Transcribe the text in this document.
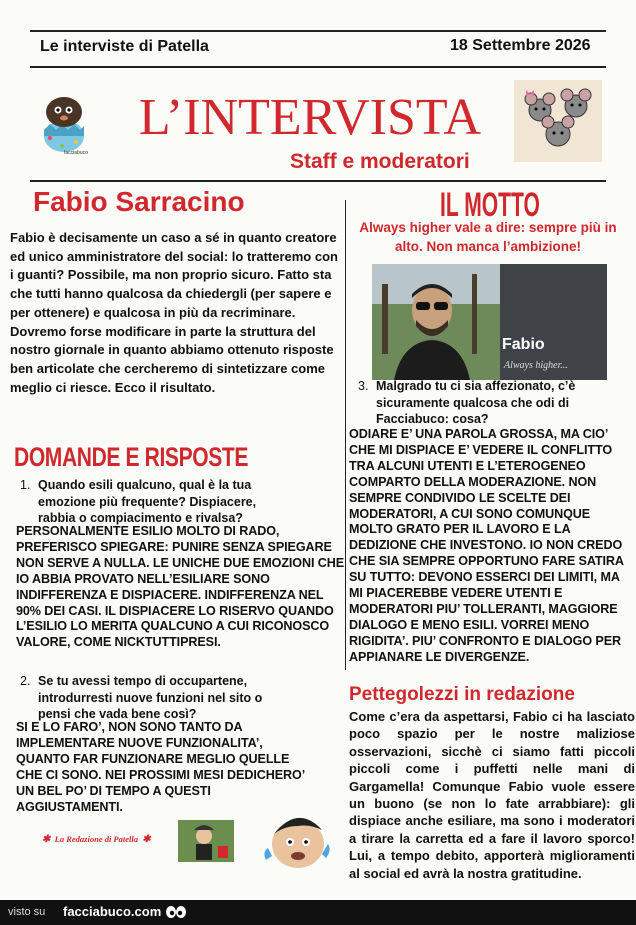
Le interviste di Patella	18 Settembre 2026
facciabuco
L’INTERVISTA
Staff e moderatori
Fabio Sarracino
Fabio è decisamente un caso a sé in quanto creatore ed unico amministratore del social: lo tratteremo con i guanti? Possibile, ma non proprio sicuro. Fatto sta che tutti hanno qualcosa da chiedergli (per sapere e per ottenere) e qualcosa in più da recriminare. Dovremo forse modificare in parte la struttura del nostro giornale in quanto abbiamo ottenuto risposte ben articolate che cercheremo di sintetizzare come meglio ci riesce. Ecco il risultato.
DOMANDE E RISPOSTE
1. Quando esili qualcuno, qual è la tua emozione più frequente? Dispiacere, rabbia o compiacimento e rivalsa?
PERSONALMENTE ESILIO MOLTO DI RADO, PREFERISCO SPIEGARE: PUNIRE SENZA SPIEGARE NON SERVE A NULLA. LE UNICHE DUE EMOZIONI CHE IO ABBIA PROVATO NELL’ESILIARE SONO INDIFFERENZA E DISPIACERE. INDIFFERENZA NEL 90% DEI CASI. IL DISPIACERE LO RISERVO QUANDO L’ESILIO LO MERITA QUALCUNO A CUI RICONOSCO VALORE, COME NICKTUTTIPRESI.
2. Se tu avessi tempo di occupartene, introdurresti nuove funzioni nel sito o pensi che vada bene così?
SI E LO FARO’, NON SONO TANTO DA IMPLEMENTARE NUOVE FUNZIONALITA’, QUANTO FAR FUNZIONARE MEGLIO QUELLE CHE CI SONO. NEI PROSSIMI MESI DEDICHERO’ UN BEL PO’ DI TEMPO A QUESTI AGGIUSTAMENTI.
✱ La Redazione di Patella ✱
IL MOTTO
Always higher vale a dire: sempre più in alto. Non manca l’ambizione!
Fabio
Always higher...
3. Malgrado tu ci sia affezionato, c’è sicuramente qualcosa che odi di Facciabuco: cosa?
ODIARE E’ UNA PAROLA GROSSA, MA CIO’ CHE MI DISPIACE E’ VEDERE IL CONFLITTO TRA ALCUNI UTENTI E L’ETEROGENEO COMPARTO DELLA MODERAZIONE. NON SEMPRE CONDIVIDO LE SCELTE DEI MODERATORI, A CUI SONO COMUNQUE MOLTO GRATO PER IL LAVORO E LA DEDIZIONE CHE INVESTONO. IO NON CREDO CHE SIA SEMPRE OPPORTUNO FARE SATIRA SU TUTTO: DEVONO ESSERCI DEI LIMITI, MA MI PIACEREBBE VEDERE UTENTI E MODERATORI PIU’ TOLLERANTI, MAGGIORE DIALOGO E MENO ESILI. VORREI MENO RIGIDITA’. PIU’ CONFRONTO E DIALOGO PER APPIANARE LE DIVERGENZE.
Pettegolezzi in redazione
Come c’era da aspettarsi, Fabio ci ha lasciato poco spazio per le nostre maliziose osservazioni, sicchè ci siamo fatti piccoli piccoli come i puffetti nelle mani di Gargamella! Comunque Fabio vuole essere un buono (se non lo fate arrabbiare): gli dispiace anche esiliare, ma sono i moderatori a tirare la carretta ed a fare il lavoro sporco! Lui, a tempo debito, apporterà miglioramenti al social ed avrà la nostra gratitudine.
visto su facciabuco.com
